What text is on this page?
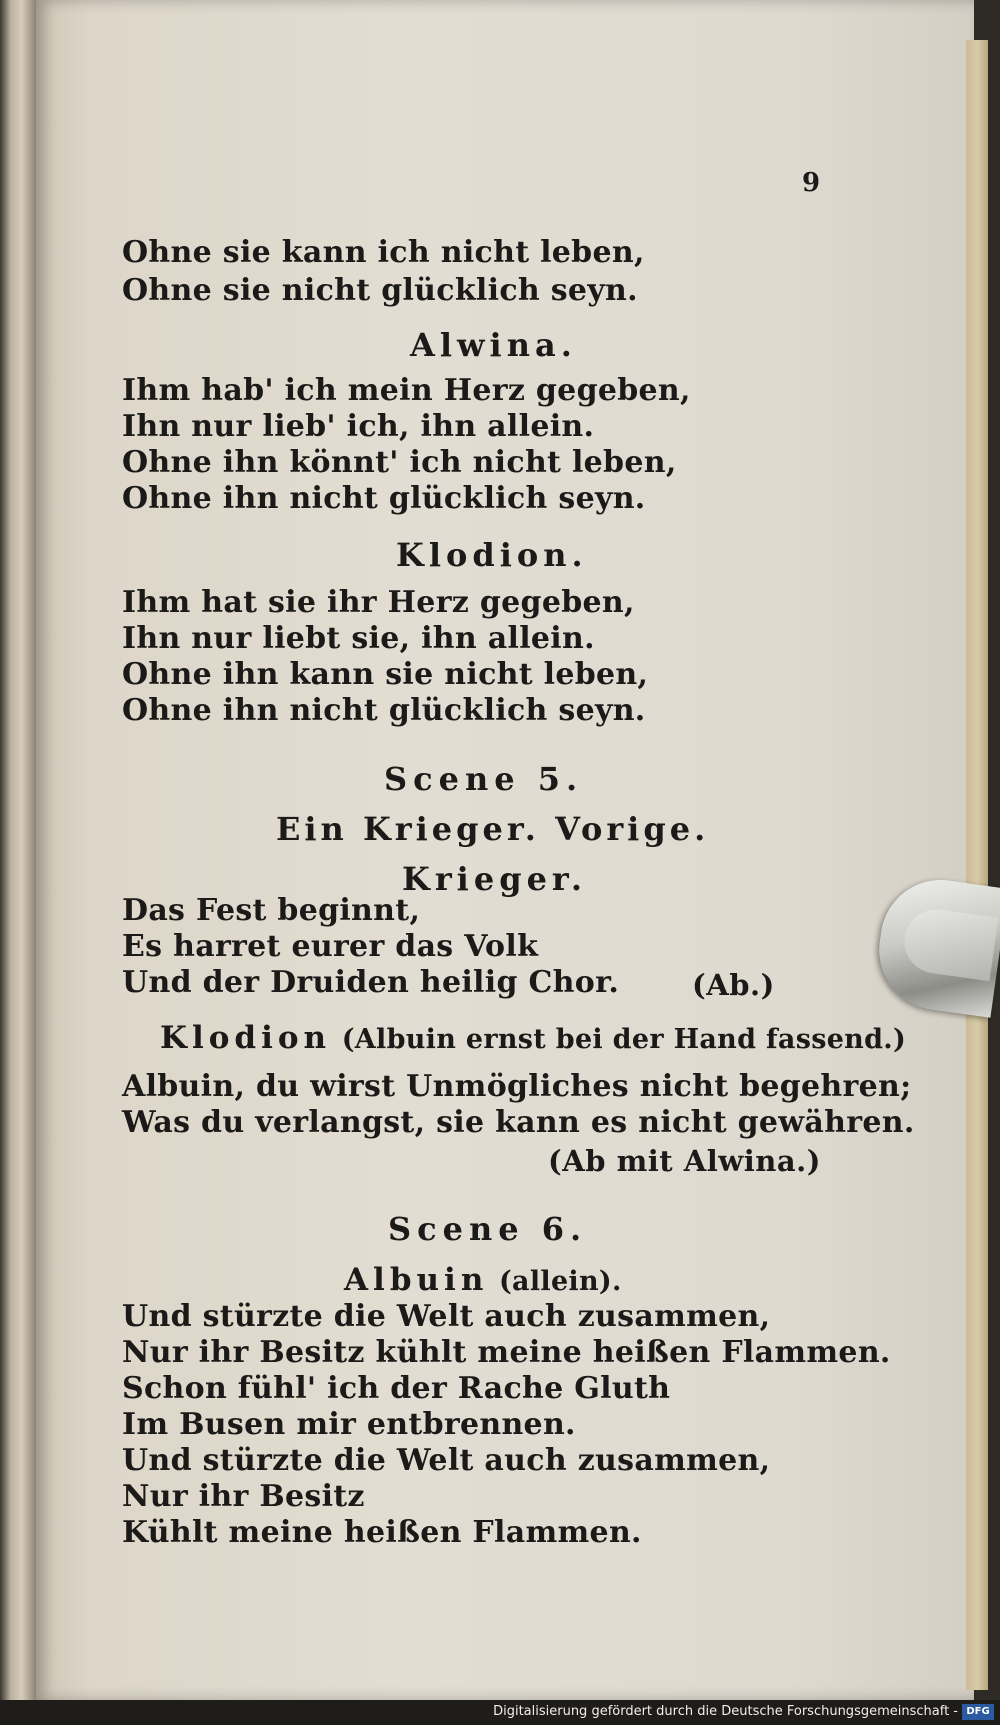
9
Ohne sie kann ich nicht leben,
Ohne sie nicht glücklich seyn.
Alwina.
Ihm hab' ich mein Herz gegeben,
Ihn nur lieb' ich, ihn allein.
Ohne ihn könnt' ich nicht leben,
Ohne ihn nicht glücklich seyn.
Klodion.
Ihm hat sie ihr Herz gegeben,
Ihn nur liebt sie, ihn allein.
Ohne ihn kann sie nicht leben,
Ohne ihn nicht glücklich seyn.
Scene 5.
Ein Krieger. Vorige.
Krieger.
Das Fest beginnt,
Es harret eurer das Volk
Und der Druiden heilig Chor.	(Ab.)
Klodion (Albuin ernst bei der Hand fassend.)
Albuin, du wirst Unmögliches nicht begehren;
Was du verlangst, sie kann es nicht gewähren.
(Ab mit Alwina.)
Scene 6.
Albuin (allein).
Und stürzte die Welt auch zusammen,
Nur ihr Besitz kühlt meine heißen Flammen.
Schon fühl' ich der Rache Gluth
Im Busen mir entbrennen.
Und stürzte die Welt auch zusammen,
Nur ihr Besitz
Kühlt meine heißen Flammen.
Digitalisierung gefördert durch die Deutsche Forschungsgemeinschaft - DFG
